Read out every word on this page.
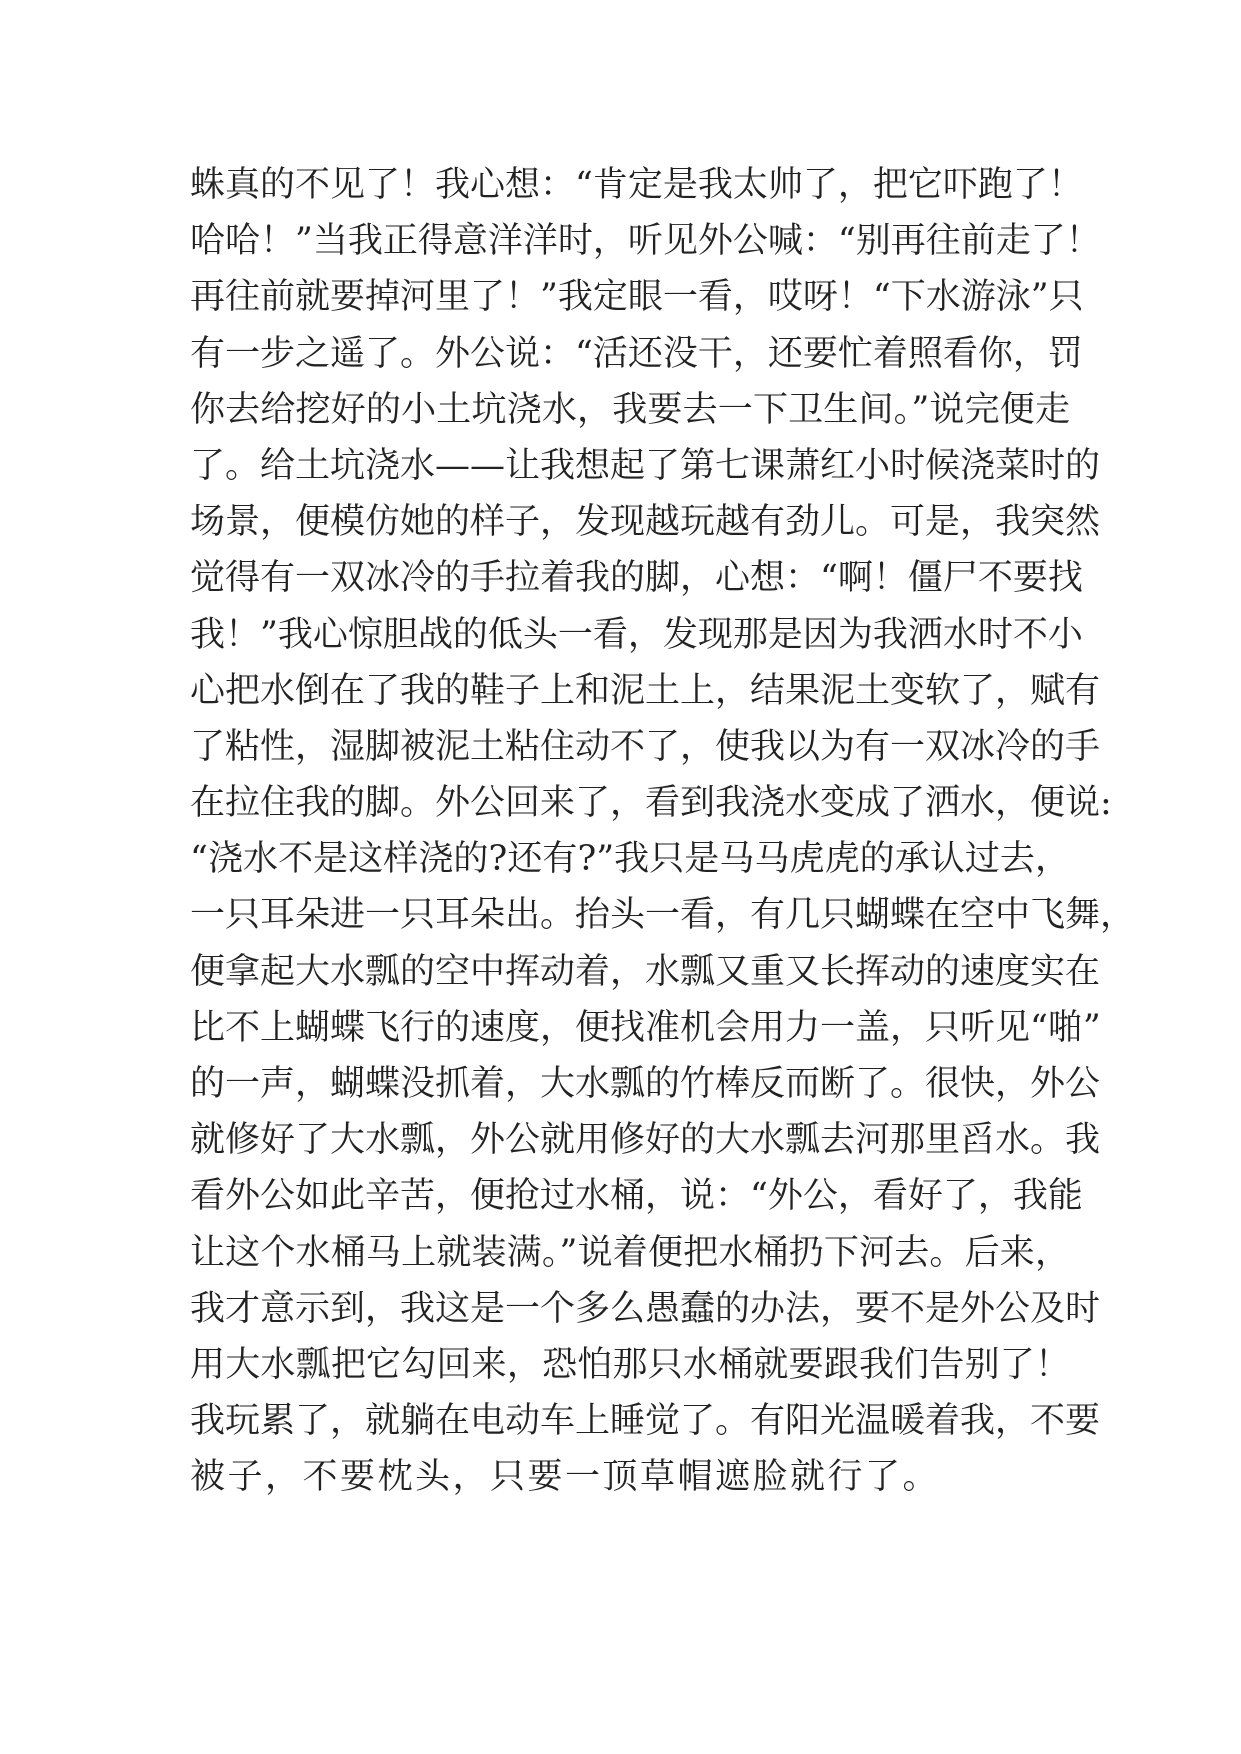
蛛真的不见了！我心想：“肯定是我太帅了，把它吓跑了！
哈哈！”当我正得意洋洋时，听见外公喊：“别再往前走了！
再往前就要掉河里了！”我定眼一看，哎呀！“下水游泳”只
有一步之遥了。外公说：“活还没干，还要忙着照看你，罚
你去给挖好的小土坑浇水，我要去一下卫生间。”说完便走
了。给土坑浇水——让我想起了第七课萧红小时候浇菜时的
场景，便模仿她的样子，发现越玩越有劲儿。可是，我突然
觉得有一双冰冷的手拉着我的脚，心想：“啊！僵尸不要找
我！”我心惊胆战的低头一看，发现那是因为我洒水时不小
心把水倒在了我的鞋子上和泥土上，结果泥土变软了，赋有
了粘性，湿脚被泥土粘住动不了，使我以为有一双冰冷的手
在拉住我的脚。外公回来了，看到我浇水变成了洒水，便说:
“浇水不是这样浇的?还有?”我只是马马虎虎的承认过去，
一只耳朵进一只耳朵出。抬头一看，有几只蝴蝶在空中飞舞，
便拿起大水瓢的空中挥动着，水瓢又重又长挥动的速度实在
比不上蝴蝶飞行的速度，便找准机会用力一盖，只听见“啪”
的一声，蝴蝶没抓着，大水瓢的竹棒反而断了。很快，外公
就修好了大水瓢，外公就用修好的大水瓢去河那里舀水。我
看外公如此辛苦，便抢过水桶，说：“外公，看好了，我能
让这个水桶马上就装满。”说着便把水桶扔下河去。后来，
我才意示到，我这是一个多么愚蠢的办法，要不是外公及时
用大水瓢把它勾回来，恐怕那只水桶就要跟我们告别了！
我玩累了，就躺在电动车上睡觉了。有阳光温暖着我，不要
被子，不要枕头，只要一顶草帽遮脸就行了。
